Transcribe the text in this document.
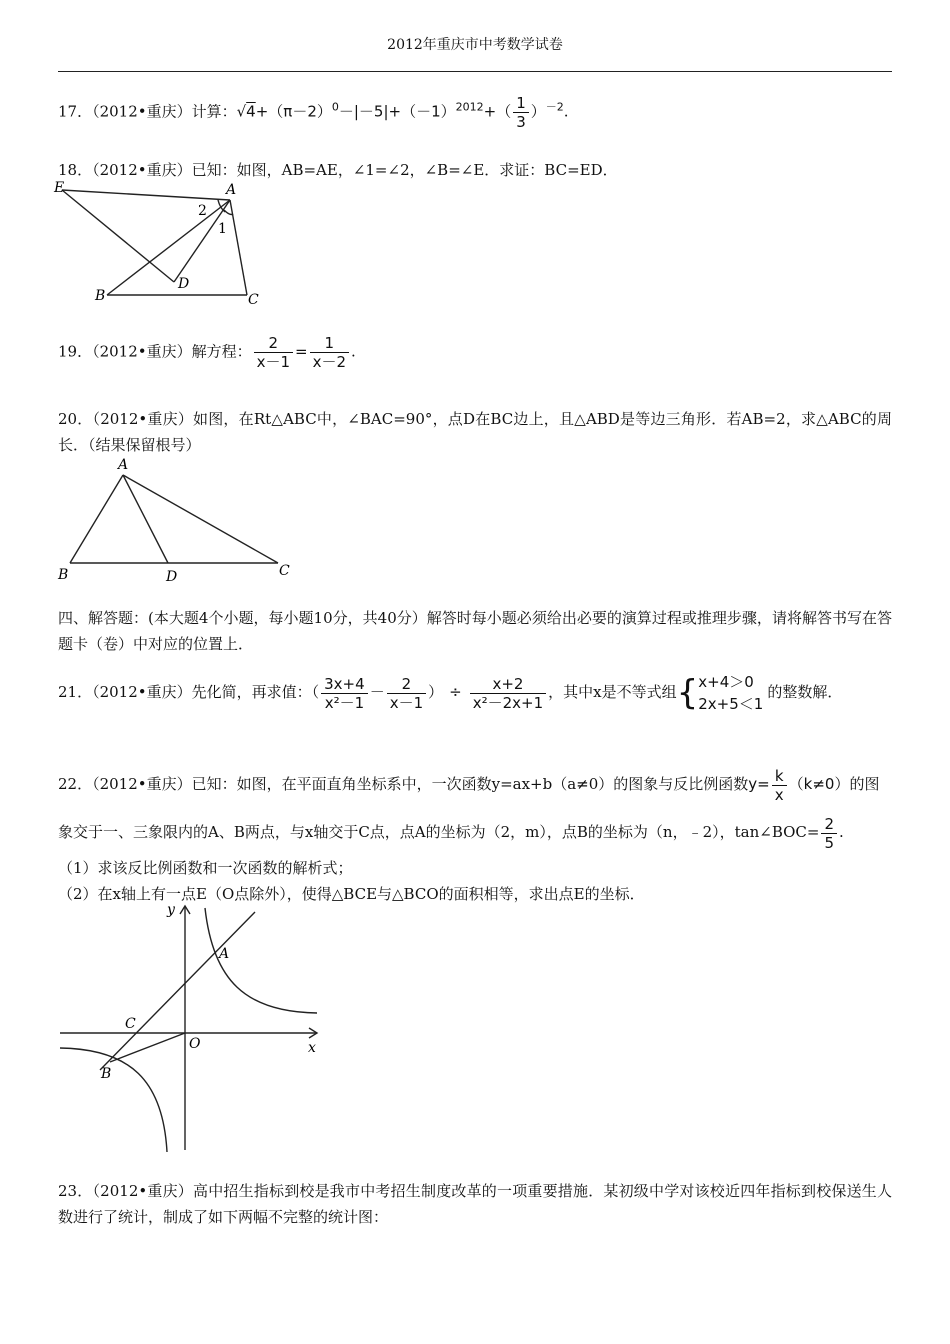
2012年重庆市中考数学试卷
17．（2012•重庆）计算：$√4+(\pi-2)^0-|-5|+(-1)^{2012}+( \frac{1}{3} )^{-2}$.
18．（2012•重庆）已知：如图，AB=AE，∠1=∠2，∠B=∠E．求证：BC=ED．
E	A
2
1
B
D
C
19．（2012•重庆）解方程： $\frac{2}{x-1} = \frac{1}{x-2}$ .
20．（2012•重庆）如图，在Rt△ABC中，∠BAC=90°，点D在BC边上，且△ABD是等边三角形．若AB=2，求△ABC的周长．（结果保留根号）
A
B	D	C
四、解答题：(本大题4个小题，每小题10分，共40分）解答时每小题必须给出必要的演算过程或推理步骤，请将解答书写在答题卡（卷）中对应的位置上．
21．（2012•重庆）先化简，再求值：（ $\frac{3x+4}{\text{x²－1}} - \frac{2}{x-1}$ ） ÷ $\frac{x+2}{\text{x²－2x+1}}$ ，其中x是不等式组{ x+4＞0
2x+5＜1
的整数解．
22．（2012•重庆）已知：如图，在平面直角坐标系中，一次函数y=ax+b（a≠0）的图象与反比例函数$y= \frac{k}{x} (k\ne 0)$的图
象交于一、三象限内的A、B两点，与x轴交于C点，点A的坐标为（2，m），点B的坐标为（n，﹣2），tan∠BOC= $\frac{2}{5}$ .
（1）求该反比例函数和一次函数的解析式；
（2）在x轴上有一点E（O点除外），使得△BCE与△BCO的面积相等，求出点E的坐标．
y
x
A
C
O
B
23．（2012•重庆）高中招生指标到校是我市中考招生制度改革的一项重要措施．某初级中学对该校近四年指标到校保送生人数进行了统计，制成了如下两幅不完整的统计图：
